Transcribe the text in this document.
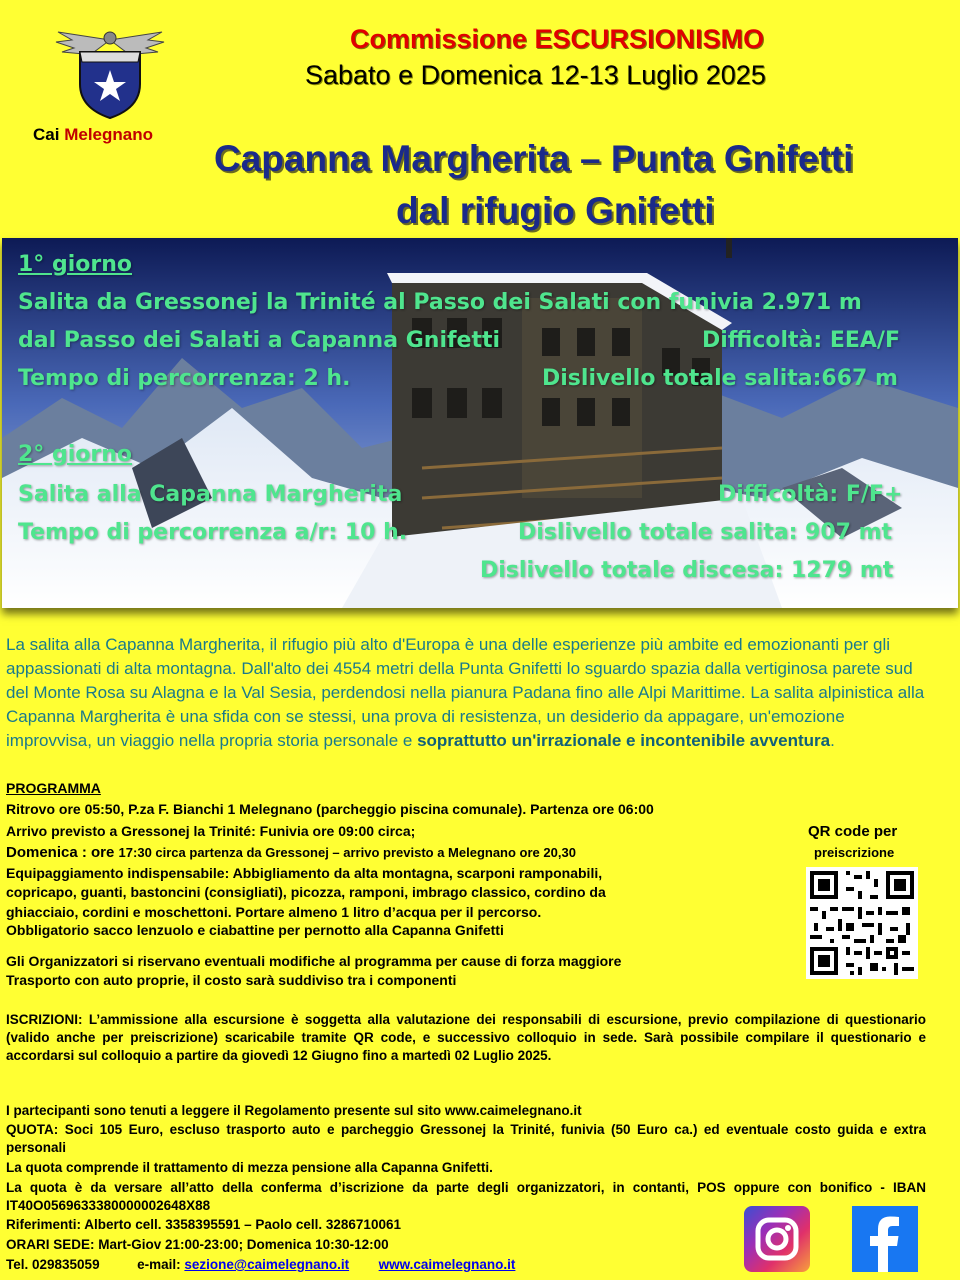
Cai Melegnano
Commissione ESCURSIONISMO
Sabato e Domenica 12-13 Luglio 2025
Capanna Margherita – Punta Gnifetti
dal rifugio Gnifetti
1° giorno
Salita da Gressonej la Trinité al Passo dei Salati con funivia 2.971 m
dal Passo dei Salati a Capanna Gnifetti	Difficoltà: EEA/F
Tempo di percorrenza: 2 h.	Dislivello totale salita:667 m
2° giorno
Salita alla Capanna Margherita	Difficoltà: F/F+
Tempo di percorrenza a/r: 10 h.	Dislivello totale salita: 907 mt
Dislivello totale discesa: 1279 mt
La salita alla Capanna Margherita, il rifugio più alto d'Europa è una delle esperienze più ambite ed emozionanti per gli appassionati di alta montagna. Dall'alto dei 4554 metri della Punta Gnifetti lo sguardo spazia dalla vertiginosa parete sud del Monte Rosa su Alagna e la Val Sesia, perdendosi nella pianura Padana fino alle Alpi Marittime. La salita alpinistica alla Capanna Margherita è una sfida con se stessi, una prova di resistenza, un desiderio da appagare, un'emozione improvvisa, un viaggio nella propria storia personale e soprattutto un'irrazionale e incontenibile avventura.
PROGRAMMA
Ritrovo ore 05:50, P.za F. Bianchi 1 Melegnano (parcheggio piscina comunale). Partenza ore 06:00
Arrivo previsto a Gressonej la Trinité: Funivia ore 09:00 circa;
Domenica : ore 17:30 circa partenza da Gressonej – arrivo previsto a Melegnano ore 20,30
Equipaggiamento indispensabile: Abbigliamento da alta montagna, scarponi ramponabili,
copricapo, guanti, bastoncini (consigliati), picozza, ramponi, imbrago classico, cordino da
ghiacciaio, cordini e moschettoni. Portare almeno 1 litro d’acqua per il percorso.
Obbligatorio sacco lenzuolo e ciabattine per pernotto alla Capanna Gnifetti
QR code per
preiscrizione
Gli Organizzatori si riservano eventuali modifiche al programma per cause di forza maggiore
Trasporto con auto proprie, il costo sarà suddiviso tra i componenti
ISCRIZIONI: L’ammissione alla escursione è soggetta alla valutazione dei responsabili di escursione, previo compilazione di questionario (valido anche per preiscrizione) scaricabile tramite QR code, e successivo colloquio in sede. Sarà possibile compilare il questionario e accordarsi sul colloquio a partire da giovedì 12 Giugno fino a martedì 02 Luglio 2025.
I partecipanti sono tenuti a leggere il Regolamento presente sul sito www.caimelegnano.it
QUOTA: Soci 105 Euro, escluso trasporto auto e parcheggio Gressonej la Trinité, funivia (50 Euro ca.) ed eventuale costo guida e extra personali
La quota comprende il trattamento di mezza pensione alla Capanna Gnifetti.
La quota è da versare all’atto della conferma d’iscrizione da parte degli organizzatori, in contanti, POS oppure con bonifico - IBAN IT40O0569633380000002648X88
Riferimenti: Alberto cell. 3358395591 – Paolo cell. 3286710061
ORARI SEDE: Mart-Giov 21:00-23:00; Domenica 10:30-12:00
Tel. 029835059	e-mail: sezione@caimelegnano.it www.caimelegnano.it
